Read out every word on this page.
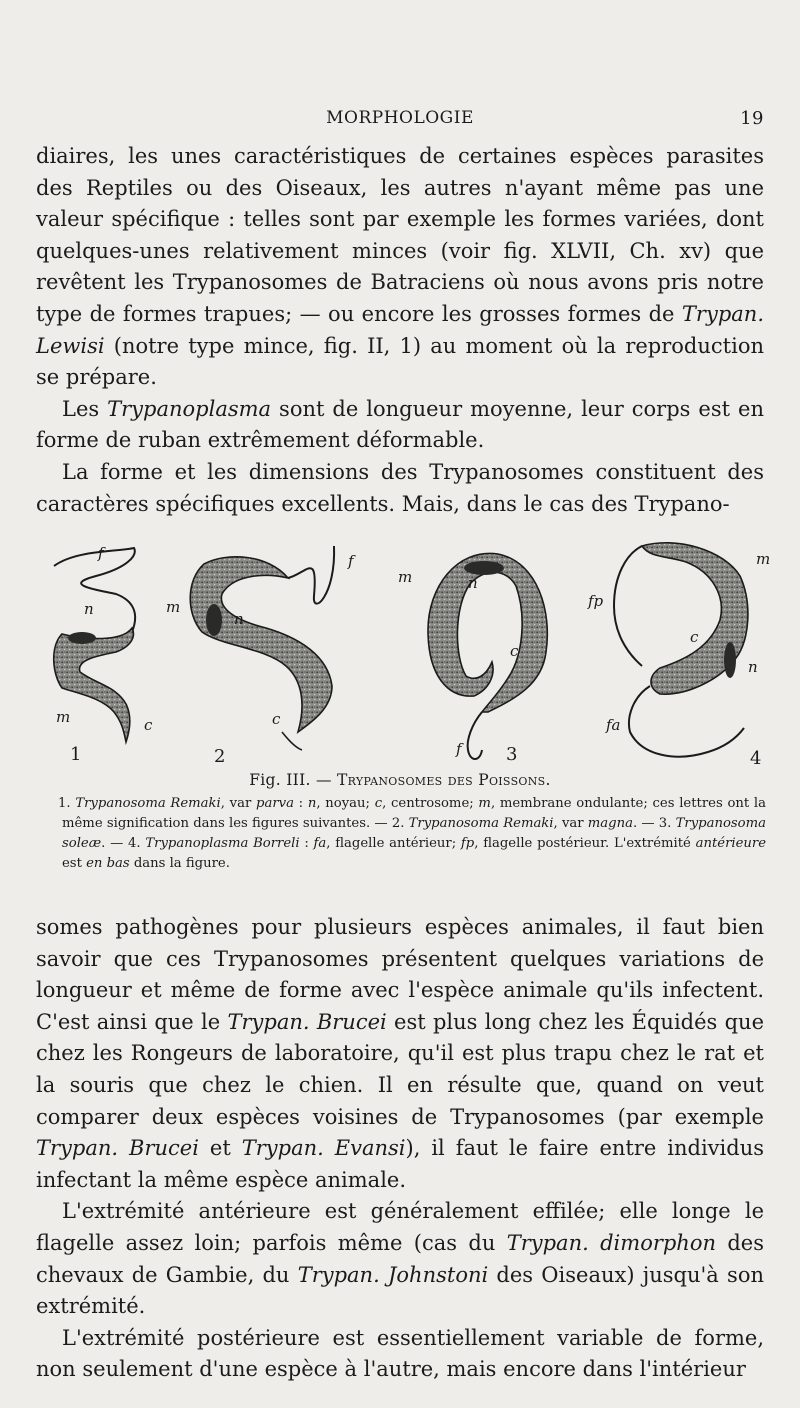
MORPHOLOGIE	19

diaires, les unes caractéristiques de certaines espèces parasites des Reptiles ou des Oiseaux, les autres n'ayant même pas une valeur spécifique : telles sont par exemple les formes variées, dont quelques-unes relativement minces (voir fig. XLVII, Ch. xv) que revêtent les Trypanosomes de Batraciens où nous avons pris notre type de formes trapues; — ou encore les grosses formes de Trypan. Lewisi (notre type mince, fig. II, 1) au moment où la reproduction se prépare.

Les Trypanoplasma sont de longueur moyenne, leur corps est en forme de ruban extrêmement déformable.

La forme et les dimensions des Trypanosomes constituent des caractères spécifiques excellents. Mais, dans le cas des Trypano-

f
n
m	c
1
f
m
n
c
2
m	n
c
f 3
fp
m
c
n
fa
4
Fig. III. — Trypanosomes des Poissons.

1. Trypanosoma Remaki, var parva : n, noyau; c, centrosome; m, membrane ondulante; ces lettres ont la même signification dans les figures suivantes. — 2. Trypanosoma Remaki, var magna. — 3. Trypanosoma soleæ. — 4. Trypanoplasma Borreli : fa, flagelle antérieur; fp, flagelle postérieur. L'extrémité antérieure est en bas dans la figure.

somes pathogènes pour plusieurs espèces animales, il faut bien savoir que ces Trypanosomes présentent quelques variations de longueur et même de forme avec l'espèce animale qu'ils infectent. C'est ainsi que le Trypan. Brucei est plus long chez les Équidés que chez les Rongeurs de laboratoire, qu'il est plus trapu chez le rat et la souris que chez le chien. Il en résulte que, quand on veut comparer deux espèces voisines de Trypanosomes (par exemple Trypan. Brucei et Trypan. Evansi), il faut le faire entre individus infectant la même espèce animale.

L'extrémité antérieure est généralement effilée; elle longe le flagelle assez loin; parfois même (cas du Trypan. dimorphon des chevaux de Gambie, du Trypan. Johnstoni des Oiseaux) jusqu'à son extrémité.

L'extrémité postérieure est essentiellement variable de forme, non seulement d'une espèce à l'autre, mais encore dans l'intérieur
